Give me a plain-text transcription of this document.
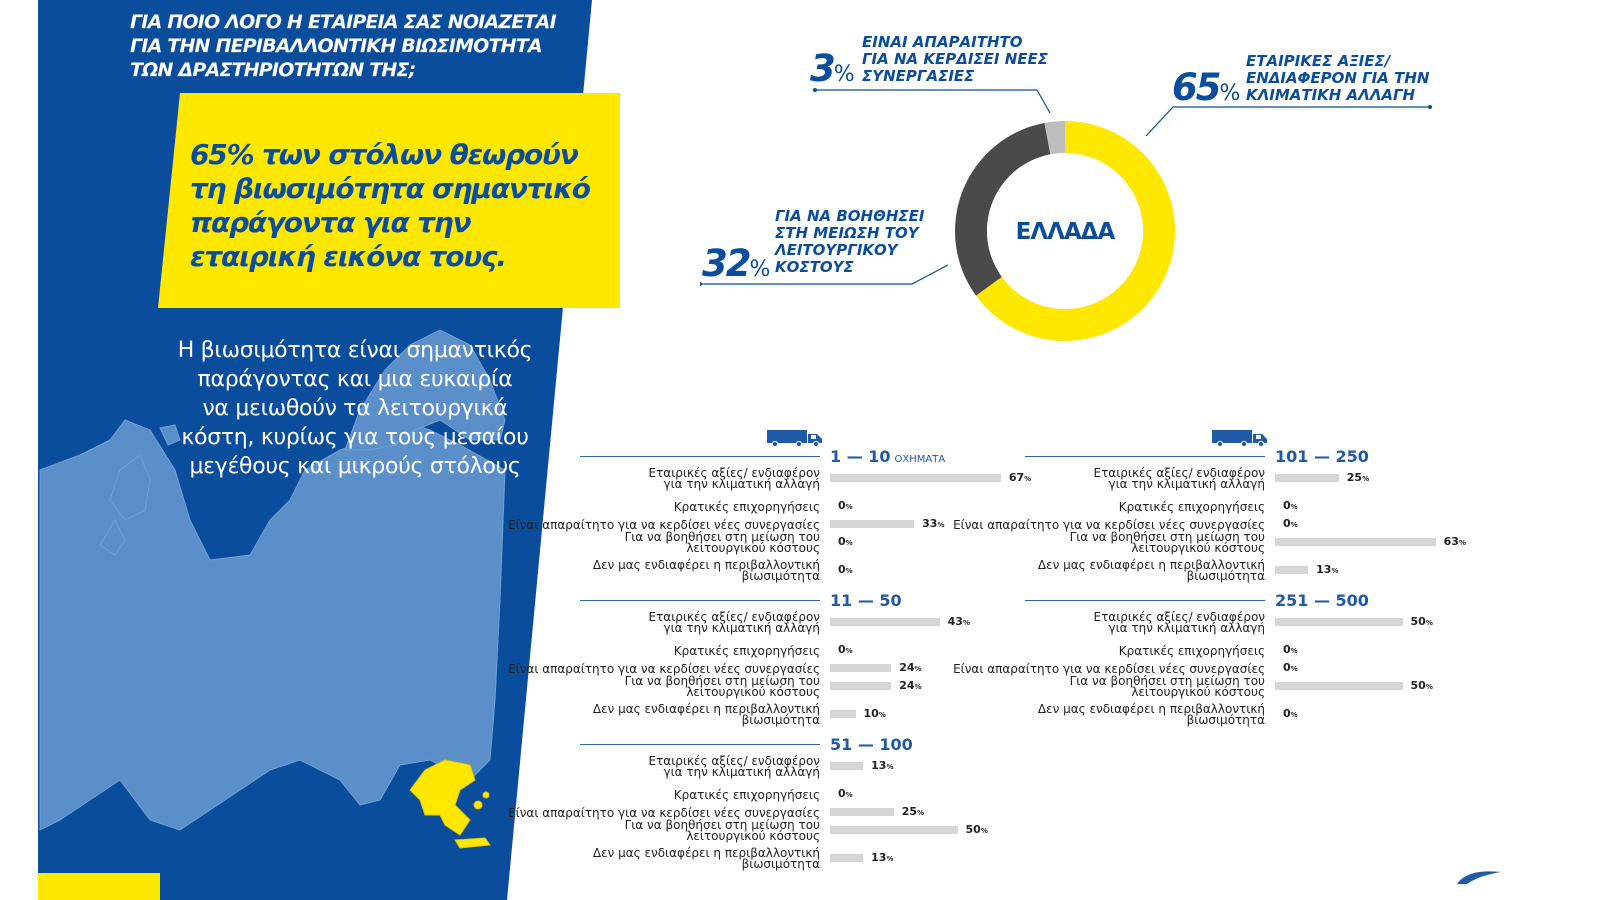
ΓΙΑ ΠΟΙΟ ΛΟΓΟ Η ΕΤΑΙΡΕΙΑ ΣΑΣ ΝΟΙΑΖΕΤΑΙ
ΓΙΑ ΤΗΝ ΠΕΡΙΒΑΛΛΟΝΤΙΚΗ ΒΙΩΣΙΜΟΤΗΤΑ
ΤΩΝ ΔΡΑΣΤΗΡΙΟΤΗΤΩΝ ΤΗΣ;
65% των στόλων θεωρούν
τη βιωσιμότητα σημαντικό
παράγοντα για την
εταιρική εικόνα τους.
Η βιωσιμότητα είναι σημαντικός
παράγοντας και μια ευκαιρία
να μειωθούν τα λειτουργικά
κόστη, κυρίως για τους μεσαίου
μεγέθους και μικρούς στόλους
ΕΛΛΑΔΑ
65%
ΕΤΑΙΡΙΚΕΣ ΑΞΙΕΣ/ ΕΝΔΙΑΦΕΡΟΝ ΓΙΑ ΤΗΝ ΚΛΙΜΑΤΙΚΗ ΑΛΛΑΓΗ
32%
ΓΙΑ ΝΑ ΒΟΗΘΗΣΕΙ ΣΤΗ ΜΕΙΩΣΗ ΤΟΥ ΛΕΙΤΟΥΡΓΙΚΟΥ ΚΟΣΤΟΥΣ
3%
ΕΙΝΑΙ ΑΠΑΡΑΙΤΗΤΟ ΓΙΑ ΝΑ ΚΕΡΔΙΣΕΙ ΝΕΕΣ ΣΥΝΕΡΓΑΣΙΕΣ
1 — 10 ΟΧΗΜΑΤΑ
Εταιρικές αξίες/ ενδιαφέρον
για την κλιματική αλλαγή	67%
Κρατικές επιχορηγήσεις 0%
Είναι απαραίτητο για να κερδίσει νέες συνεργασίες	33%
Για να βοηθήσει στη μείωση του
λειτουργικού κόστους 0%
Δεν μας ενδιαφέρει η περιβαλλοντική
βιωσιμότητα 0%
11 — 50
Εταιρικές αξίες/ ενδιαφέρον
για την κλιματική αλλαγή	43%
Κρατικές επιχορηγήσεις 0%
Είναι απαραίτητο για να κερδίσει νέες συνεργασίες	24%
Για να βοηθήσει στη μείωση του
λειτουργικού κόστους	24%
Δεν μας ενδιαφέρει η περιβαλλοντική
βιωσιμότητα	10%
51 — 100
Εταιρικές αξίες/ ενδιαφέρον
για την κλιματική αλλαγή	13%
Κρατικές επιχορηγήσεις 0%
Είναι απαραίτητο για να κερδίσει νέες συνεργασίες	25%
Για να βοηθήσει στη μείωση του
λειτουργικού κόστους	50%
Δεν μας ενδιαφέρει η περιβαλλοντική
βιωσιμότητα	13%
101 — 250
Εταιρικές αξίες/ ενδιαφέρον
για την κλιματική αλλαγή	25%
Κρατικές επιχορηγήσεις 0%
Είναι απαραίτητο για να κερδίσει νέες συνεργασίες 0%
Για να βοηθήσει στη μείωση του
λειτουργικού κόστους	63%
Δεν μας ενδιαφέρει η περιβαλλοντική
βιωσιμότητα	13%
251 — 500
Εταιρικές αξίες/ ενδιαφέρον
για την κλιματική αλλαγή	50%
Κρατικές επιχορηγήσεις 0%
Είναι απαραίτητο για να κερδίσει νέες συνεργασίες 0%
Για να βοηθήσει στη μείωση του
λειτουργικού κόστους	50%
Δεν μας ενδιαφέρει η περιβαλλοντική
βιωσιμότητα 0%
